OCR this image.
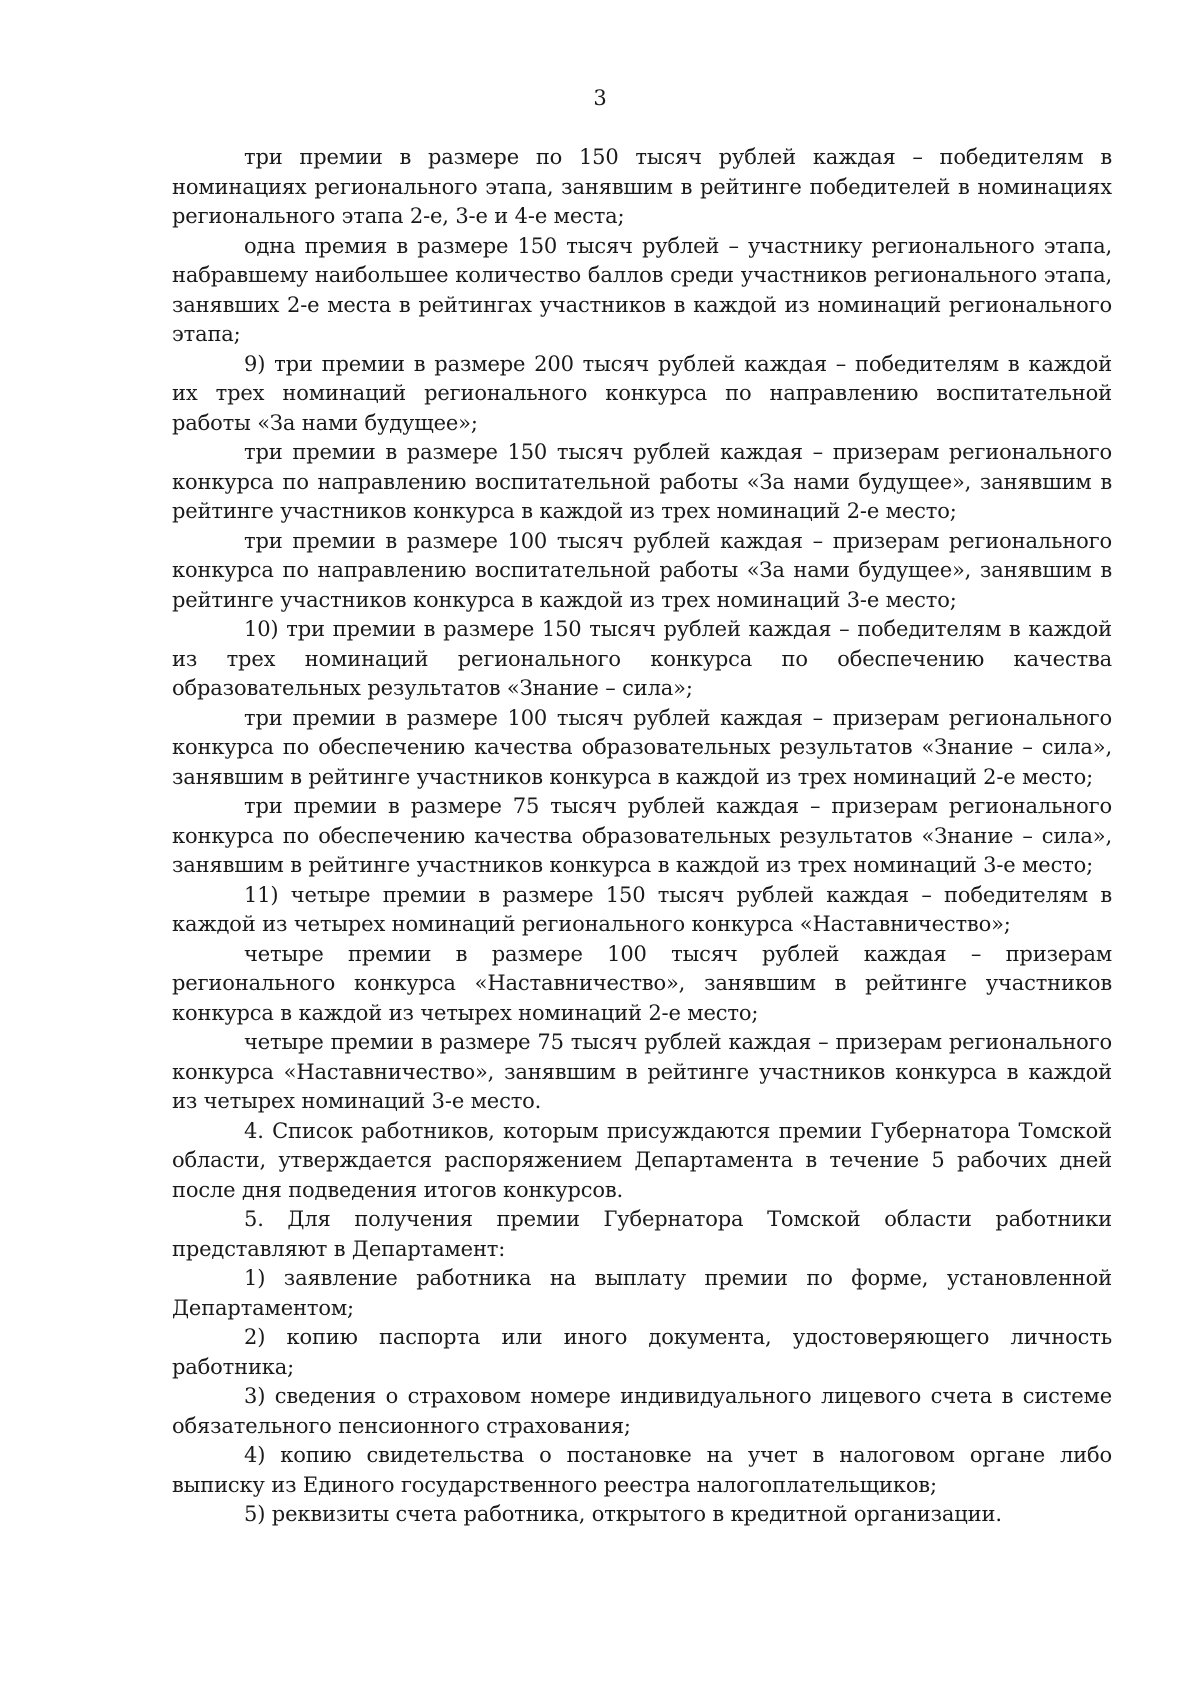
3

три премии в размере по 150 тысяч рублей каждая – победителям в номинациях регионального этапа, занявшим в рейтинге победителей в номинациях регионального этапа 2-е, 3-е и 4-е места;

одна премия в размере 150 тысяч рублей – участнику регионального этапа, набравшему наибольшее количество баллов среди участников регионального этапа, занявших 2-е места в рейтингах участников в каждой из номинаций регионального этапа;

9) три премии в размере 200 тысяч рублей каждая – победителям в каждой их трех номинаций регионального конкурса по направлению воспитательной работы «За нами будущее»;

три премии в размере 150 тысяч рублей каждая – призерам регионального конкурса по направлению воспитательной работы «За нами будущее», занявшим в рейтинге участников конкурса в каждой из трех номинаций 2-е место;

три премии в размере 100 тысяч рублей каждая – призерам регионального конкурса по направлению воспитательной работы «За нами будущее», занявшим в рейтинге участников конкурса в каждой из трех номинаций 3-е место;

10) три премии в размере 150 тысяч рублей каждая – победителям в каждой из трех номинаций регионального конкурса по обеспечению качества образовательных результатов «Знание – сила»;

три премии в размере 100 тысяч рублей каждая – призерам регионального конкурса по обеспечению качества образовательных результатов «Знание – сила», занявшим в рейтинге участников конкурса в каждой из трех номинаций 2-е место;

три премии в размере 75 тысяч рублей каждая – призерам регионального конкурса по обеспечению качества образовательных результатов «Знание – сила», занявшим в рейтинге участников конкурса в каждой из трех номинаций 3-е место;

11) четыре премии в размере 150 тысяч рублей каждая – победителям в каждой из четырех номинаций регионального конкурса «Наставничество»;

четыре премии в размере 100 тысяч рублей каждая – призерам регионального конкурса «Наставничество», занявшим в рейтинге участников конкурса в каждой из четырех номинаций 2-е место;

четыре премии в размере 75 тысяч рублей каждая – призерам регионального конкурса «Наставничество», занявшим в рейтинге участников конкурса в каждой из четырех номинаций 3-е место.

4. Список работников, которым присуждаются премии Губернатора Томской области, утверждается распоряжением Департамента в течение 5 рабочих дней после дня подведения итогов конкурсов.

5. Для получения премии Губернатора Томской области работники представляют в Департамент:

1) заявление работника на выплату премии по форме, установленной Департаментом;

2) копию паспорта или иного документа, удостоверяющего личность работника;

3) сведения о страховом номере индивидуального лицевого счета в системе обязательного пенсионного страхования;

4) копию свидетельства о постановке на учет в налоговом органе либо выписку из Единого государственного реестра налогоплательщиков;

5) реквизиты счета работника, открытого в кредитной организации.
